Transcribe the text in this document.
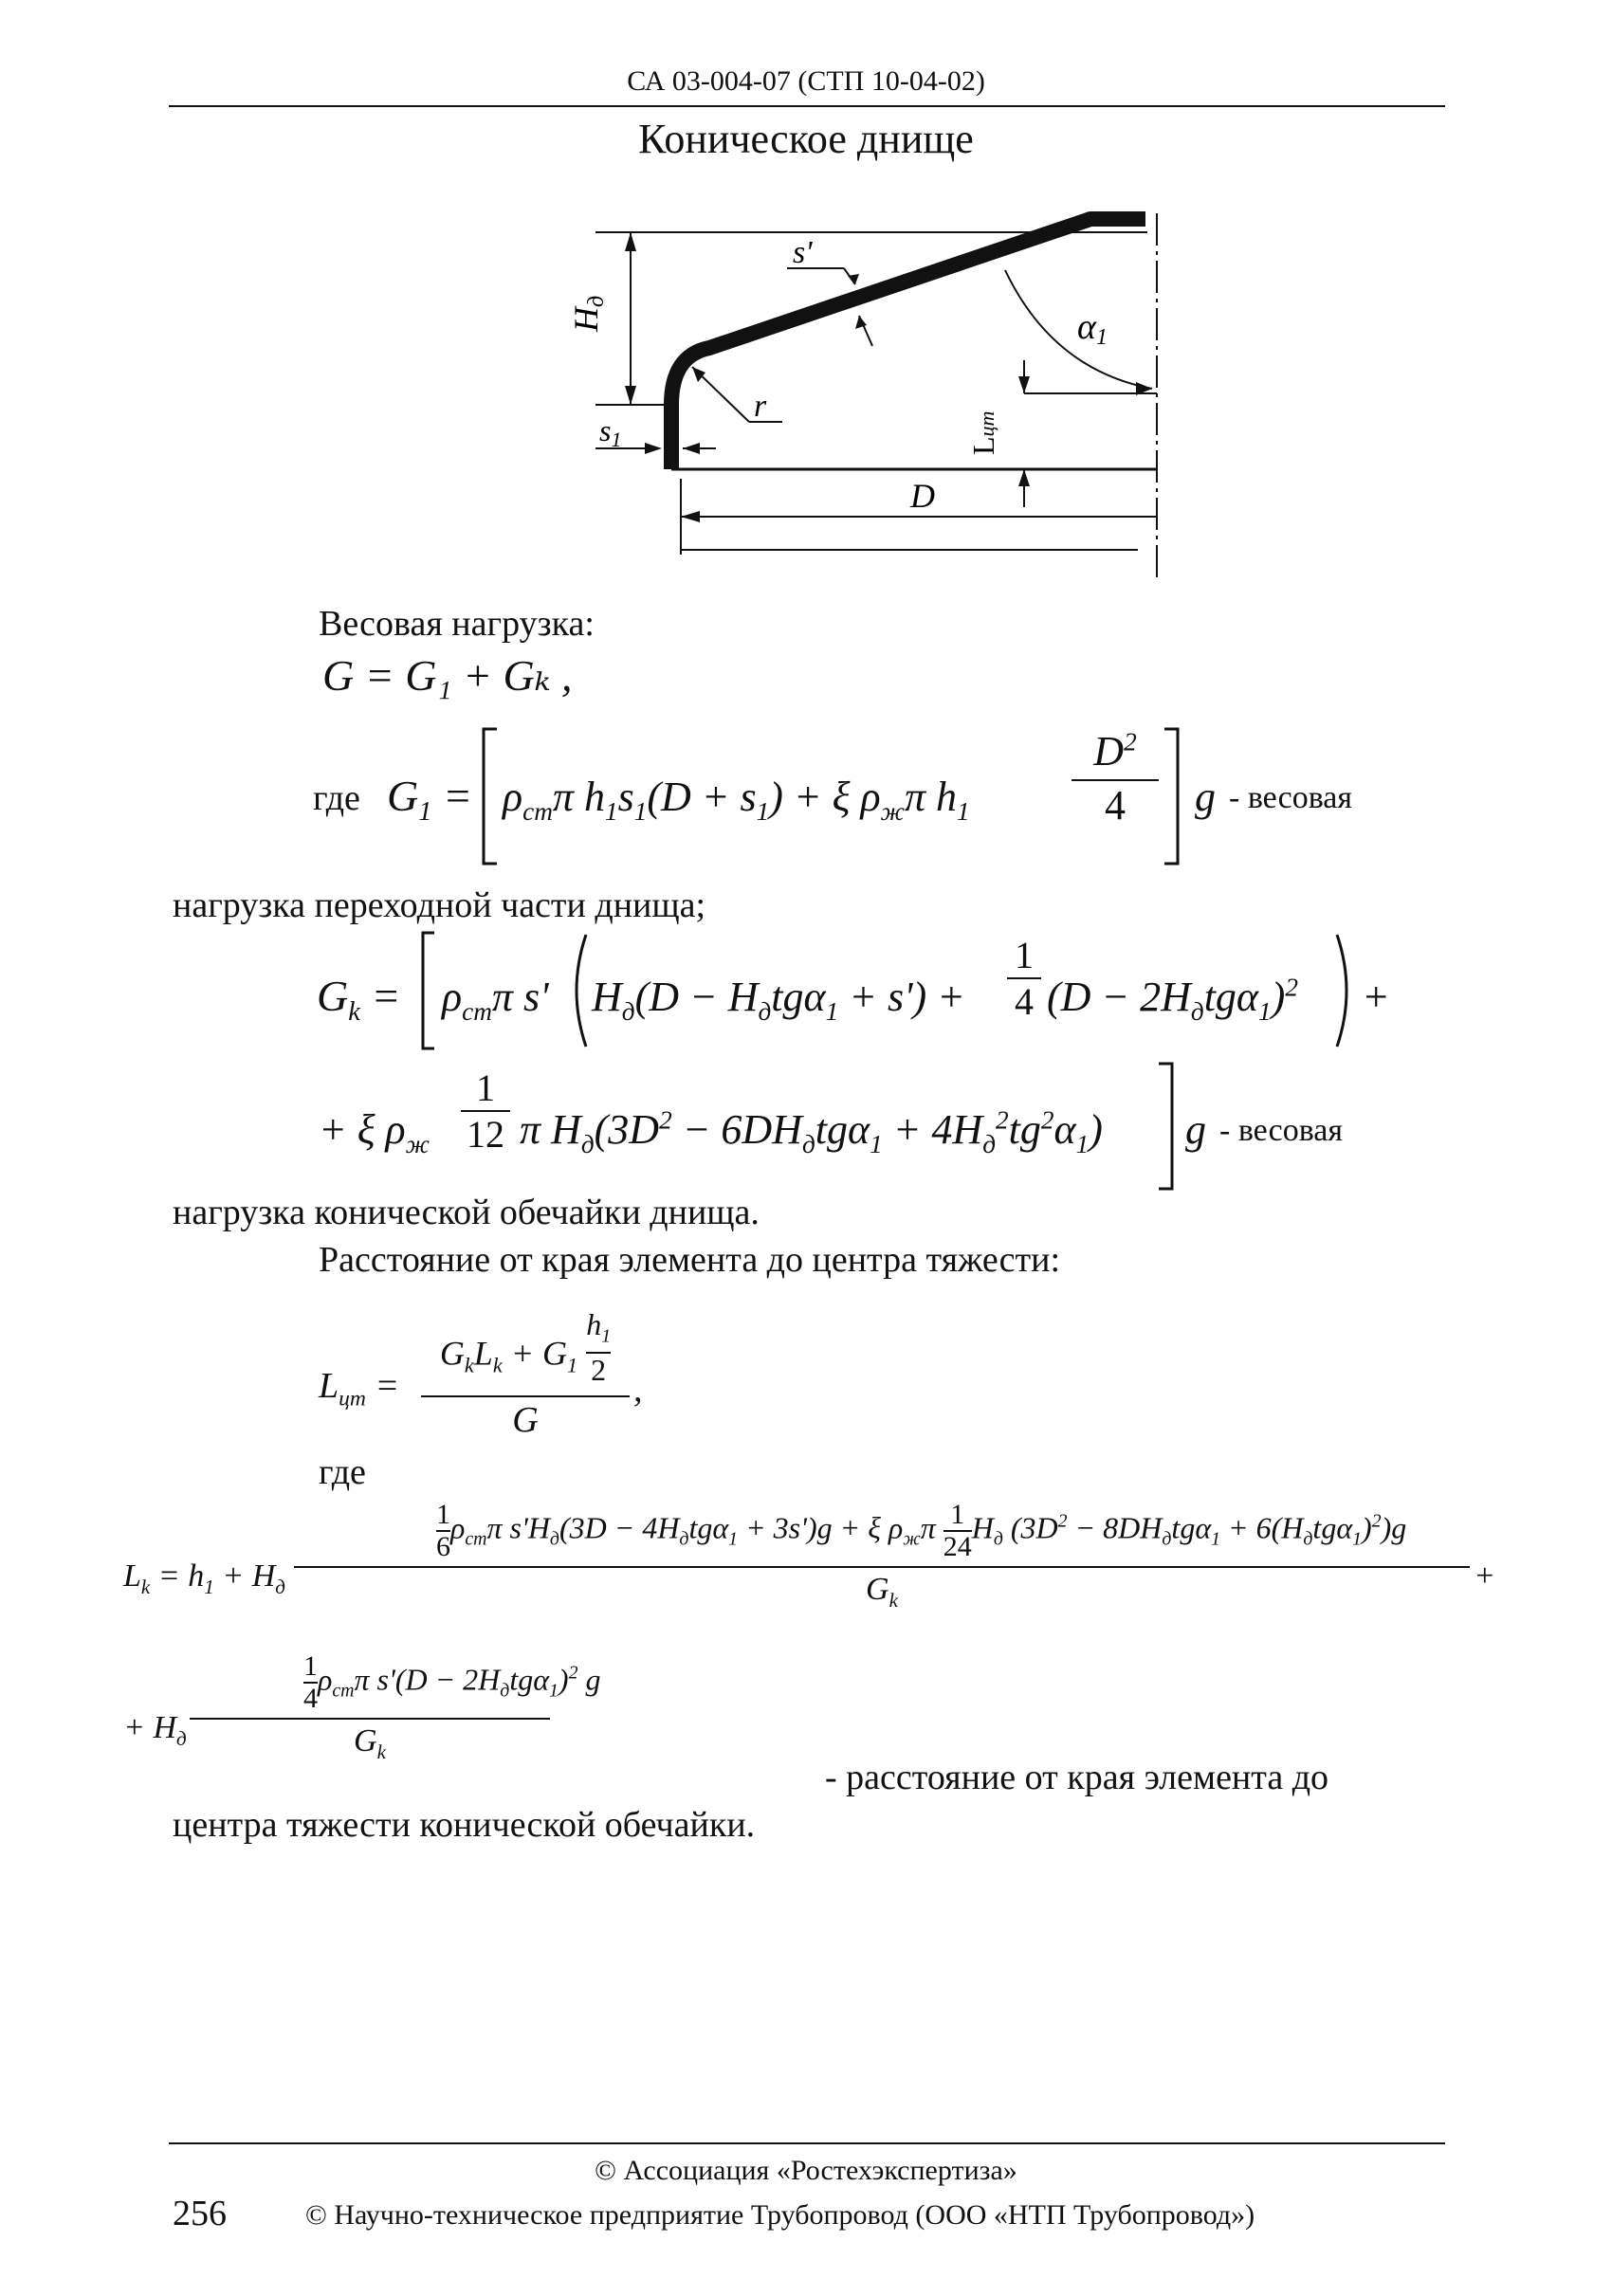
СА 03-004-07 (СТП 10-04-02)
Коническое днище
Hд
s'
α1
r
s1	Lцт
D
Весовая нагрузка:
G = G₁ + Gₖ ,
где $G_1 = \rho_{ст}\pi$ $h_1s_1(D + s_1) + \xi$ $\rho_ж\pi$ $h_1$
$D^2$
4	g - весовая
нагрузка переходной части днища;
$G_k = \rho_{cm}\pi$ s' $H_д(D - H_дtg\alpha_1 + s')$ +
1
4 $(D - 2H_дtg\alpha_1)^2$ +
+ ξ $\rho_ж$
1
12 π $H_д(3D^2 - 6DH_дtg\alpha_1 + 4H_д^2tg^2\alpha_1)$ g - весовая
нагрузка конической обечайки днища.
Расстояние от края элемента до центра тяжести:
$L_{цт}$ =
$G_kL_k + G_1 \frac{h_1}{2}$
G
,
где
$L_k = h_1 + H_д$
$\frac{1}{6} \rho_{cm}\pi$ $s'H_д(3D - 4H_дtg\alpha_1 + 3s')g + \xi$ $\rho_ж\pi \frac{1}{24} H_д$ $(3D^2 - 8DH_дtg\alpha_1 + 6(H_дtg\alpha_1)^2)g$
$G_k$
+
+ $H_д$
$\frac{1}{4} \rho_{cm}\pi$ $s'(D - 2H_дtg\alpha_1)^2$ g
$G_k$
- расстояние от края элемента до
центра тяжести конической обечайки.
© Ассоциация «Ростехэкспертиза»
256	© Научно-техническое предприятие Трубопровод (ООО «НТП Трубопровод»)
